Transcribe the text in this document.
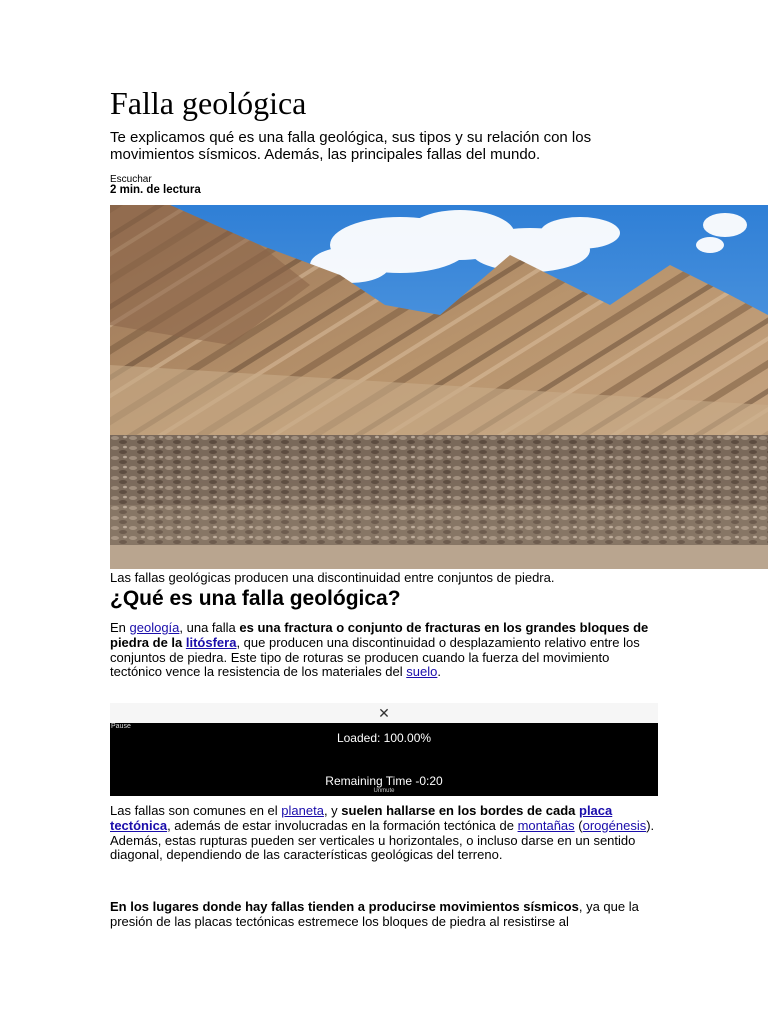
Falla geológica

Te explicamos qué es una falla geológica, sus tipos y su relación con los movimientos sísmicos. Además, las principales fallas del mundo.

Escuchar
2 min. de lectura
Las fallas geológicas producen una discontinuidad entre conjuntos de piedra.
¿Qué es una falla geológica?

En geología, una falla es una fractura o conjunto de fracturas en los grandes bloques de piedra de la litósfera, que producen una discontinuidad o desplazamiento relativo entre los conjuntos de piedra. Este tipo de roturas se producen cuando la fuerza del movimiento tectónico vence la resistencia de los materiales del suelo.

Las fallas son comunes en el planeta, y suelen hallarse en los bordes de cada placa tectónica, además de estar involucradas en la formación tectónica de montañas (orogénesis). Además, estas rupturas pueden ser verticales u horizontales, o incluso darse en un sentido diagonal, dependiendo de las características geológicas del terreno.

En los lugares donde hay fallas tienden a producirse movimientos sísmicos, ya que la presión de las placas tectónicas estremece los bloques de piedra al resistirse al

✕
Pause
Loaded: 100.00%
Remaining Time -0:20
Unmute
